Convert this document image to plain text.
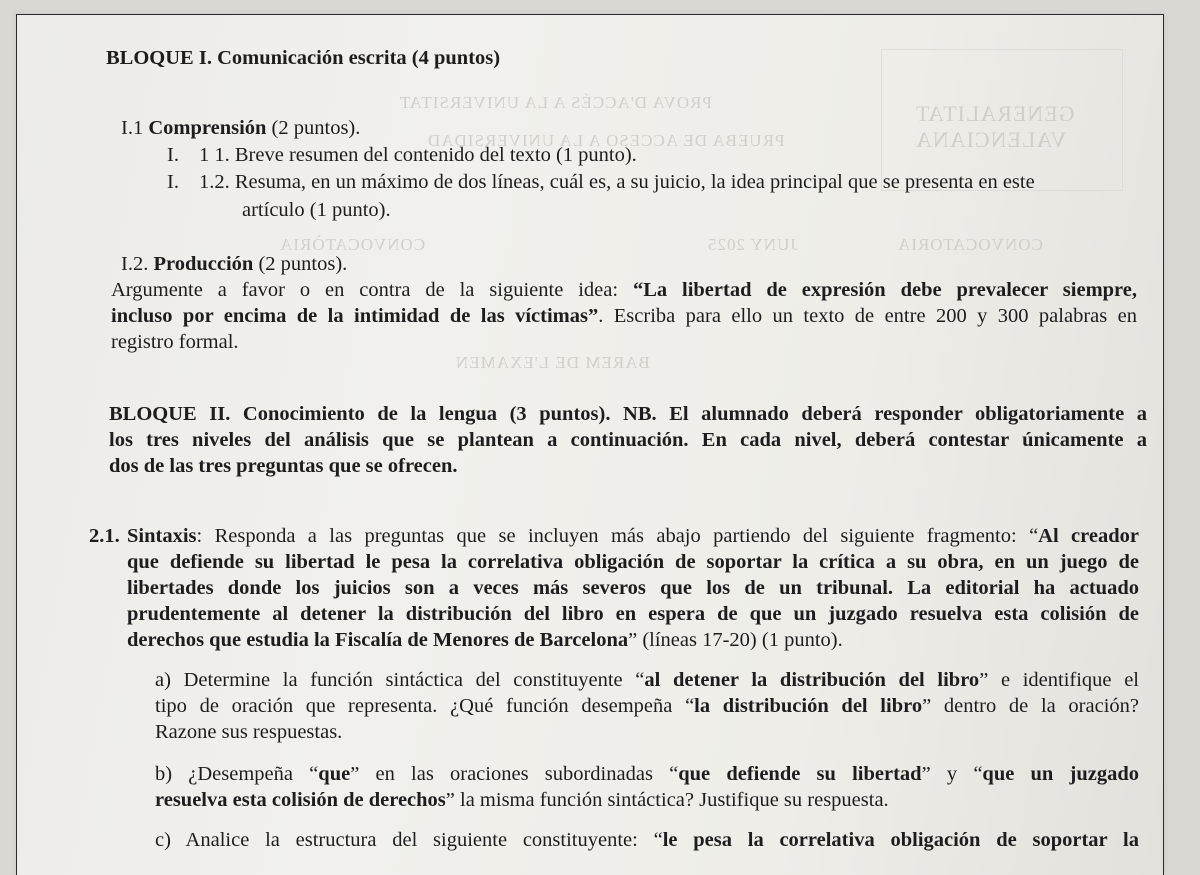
PROVA D'ACCÉS A LA UNIVERSITAT
PRUEBA DE ACCESO A LA UNIVERSIDAD
GENERALITAT
VALENCIANA
CONVOCATÒRIA	JUNY 2025	CONVOCATORIA
BAREM DE L'EXAMEN
BLOQUE I. Comunicación escrita (4 puntos)
I.1 Comprensión (2 puntos).
I. 1 1. Breve resumen del contenido del texto (1 punto).
I. 1.2. Resuma, en un máximo de dos líneas, cuál es, a su juicio, la idea principal que se presenta en este
artículo (1 punto).
I.2. Producción (2 puntos).
Argumente a favor o en contra de la siguiente idea: “La libertad de expresión debe prevalecer siempre,
incluso por encima de la intimidad de las víctimas”. Escriba para ello un texto de entre 200 y 300 palabras en
registro formal.
BLOQUE II. Conocimiento de la lengua (3 puntos). NB. El alumnado deberá responder obligatoriamente a
los tres niveles del análisis que se plantean a continuación. En cada nivel, deberá contestar únicamente a
dos de las tres preguntas que se ofrecen.
2.1. Sintaxis: Responda a las preguntas que se incluyen más abajo partiendo del siguiente fragmento: “Al creador
que defiende su libertad le pesa la correlativa obligación de soportar la crítica a su obra, en un juego de
libertades donde los juicios son a veces más severos que los de un tribunal. La editorial ha actuado
prudentemente al detener la distribución del libro en espera de que un juzgado resuelva esta colisión de
derechos que estudia la Fiscalía de Menores de Barcelona” (líneas 17-20) (1 punto).
a) Determine la función sintáctica del constituyente “al detener la distribución del libro” e identifique el
tipo de oración que representa. ¿Qué función desempeña “la distribución del libro” dentro de la oración?
Razone sus respuestas.
b) ¿Desempeña “que” en las oraciones subordinadas “que defiende su libertad” y “que un juzgado
resuelva esta colisión de derechos” la misma función sintáctica? Justifique su respuesta.
c) Analice la estructura del siguiente constituyente: “le pesa la correlativa obligación de soportar la
